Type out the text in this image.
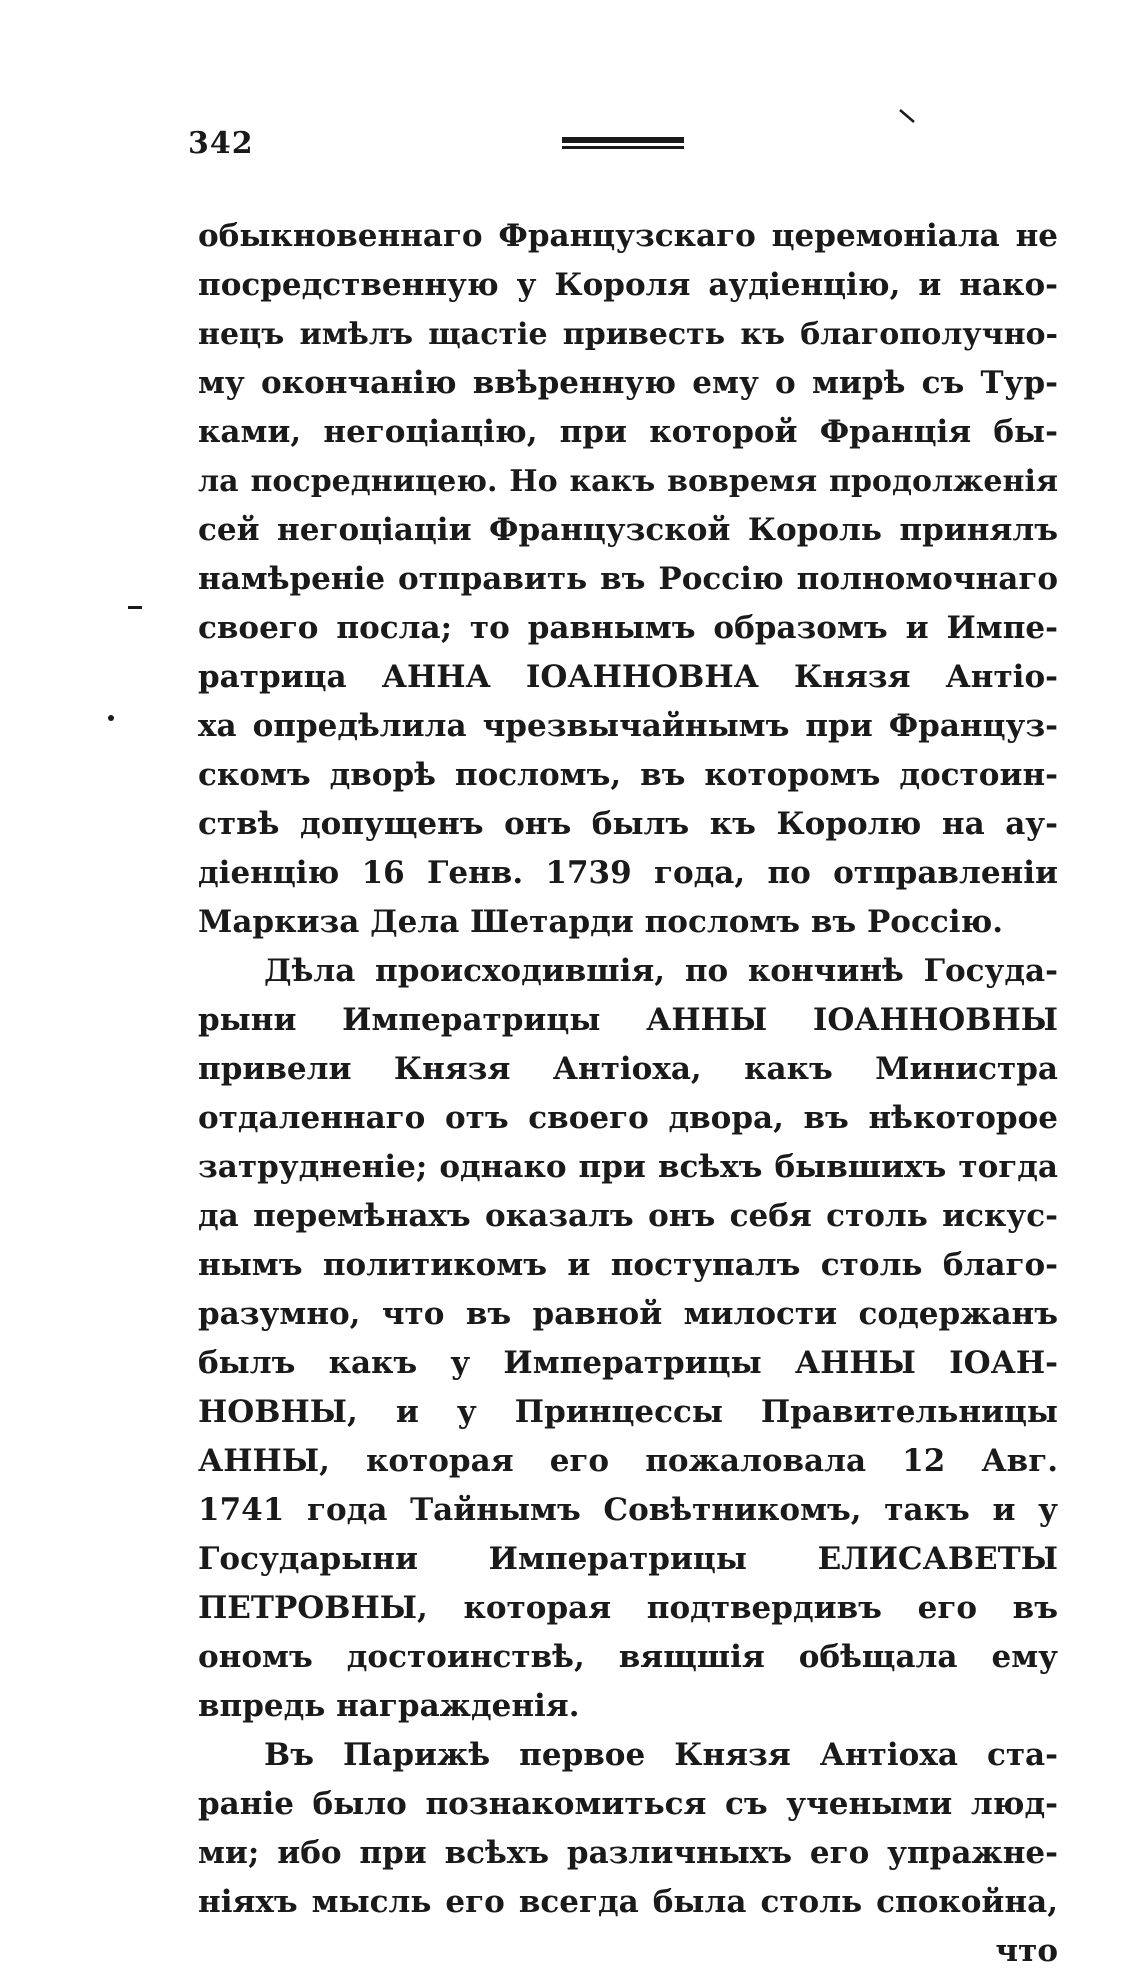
342
обыкновеннаго Французскаго церемоніала не
посредственную у Короля аудіенцію, и нако-
нецъ имѣлъ щастіе привесть къ благополучно-
му окончанію ввѣренную ему о мирѣ съ Тур-
ками, негоціацію, при которой Франція бы-
ла посредницею. Но какъ вовремя продолженія
сей негоціаціи Французской Король принялъ
намѣреніе отправить въ Россію полномочнаго
своего посла; то равнымъ образомъ и Импе-
ратрица АННА ІОАННОВНА Князя Антіо-
ха опредѣлила чрезвычайнымъ при Француз-
скомъ дворѣ посломъ, въ которомъ достоин-
ствѣ допущенъ онъ былъ къ Королю на ау-
діенцію 16 Генв. 1739 года, по отправленіи
Маркиза Дела Шетарди посломъ въ Россію.
Дѣла происходившія, по кончинѣ Госуда-
рыни Императрицы АННЫ ІОАННОВНЫ
привели Князя Антіоха, какъ Министра
отдаленнаго отъ своего двора, въ нѣкоторое
затрудненіе; однако при всѣхъ бывшихъ тогда
да перемѣнахъ оказалъ онъ себя столь искус-
нымъ политикомъ и поступалъ столь благо-
разумно, что въ равной милости содержанъ
былъ какъ у Императрицы АННЫ ІОАН-
НОВНЫ, и у Принцессы Правительницы
АННЫ, которая его пожаловала 12 Авг.
1741 года Тайнымъ Совѣтникомъ, такъ и у
Государыни Императрицы ЕЛИСАВЕТЫ
ПЕТРОВНЫ, которая подтвердивъ его въ
ономъ достоинствѣ, вящшія обѣщала ему
впредь награжденія.
Въ Парижѣ первое Князя Антіоха ста-
раніе было познакомиться съ учеными люд-
ми; ибо при всѣхъ различныхъ его упражне-
ніяхъ мысль его всегда была столь спокойна,
что
